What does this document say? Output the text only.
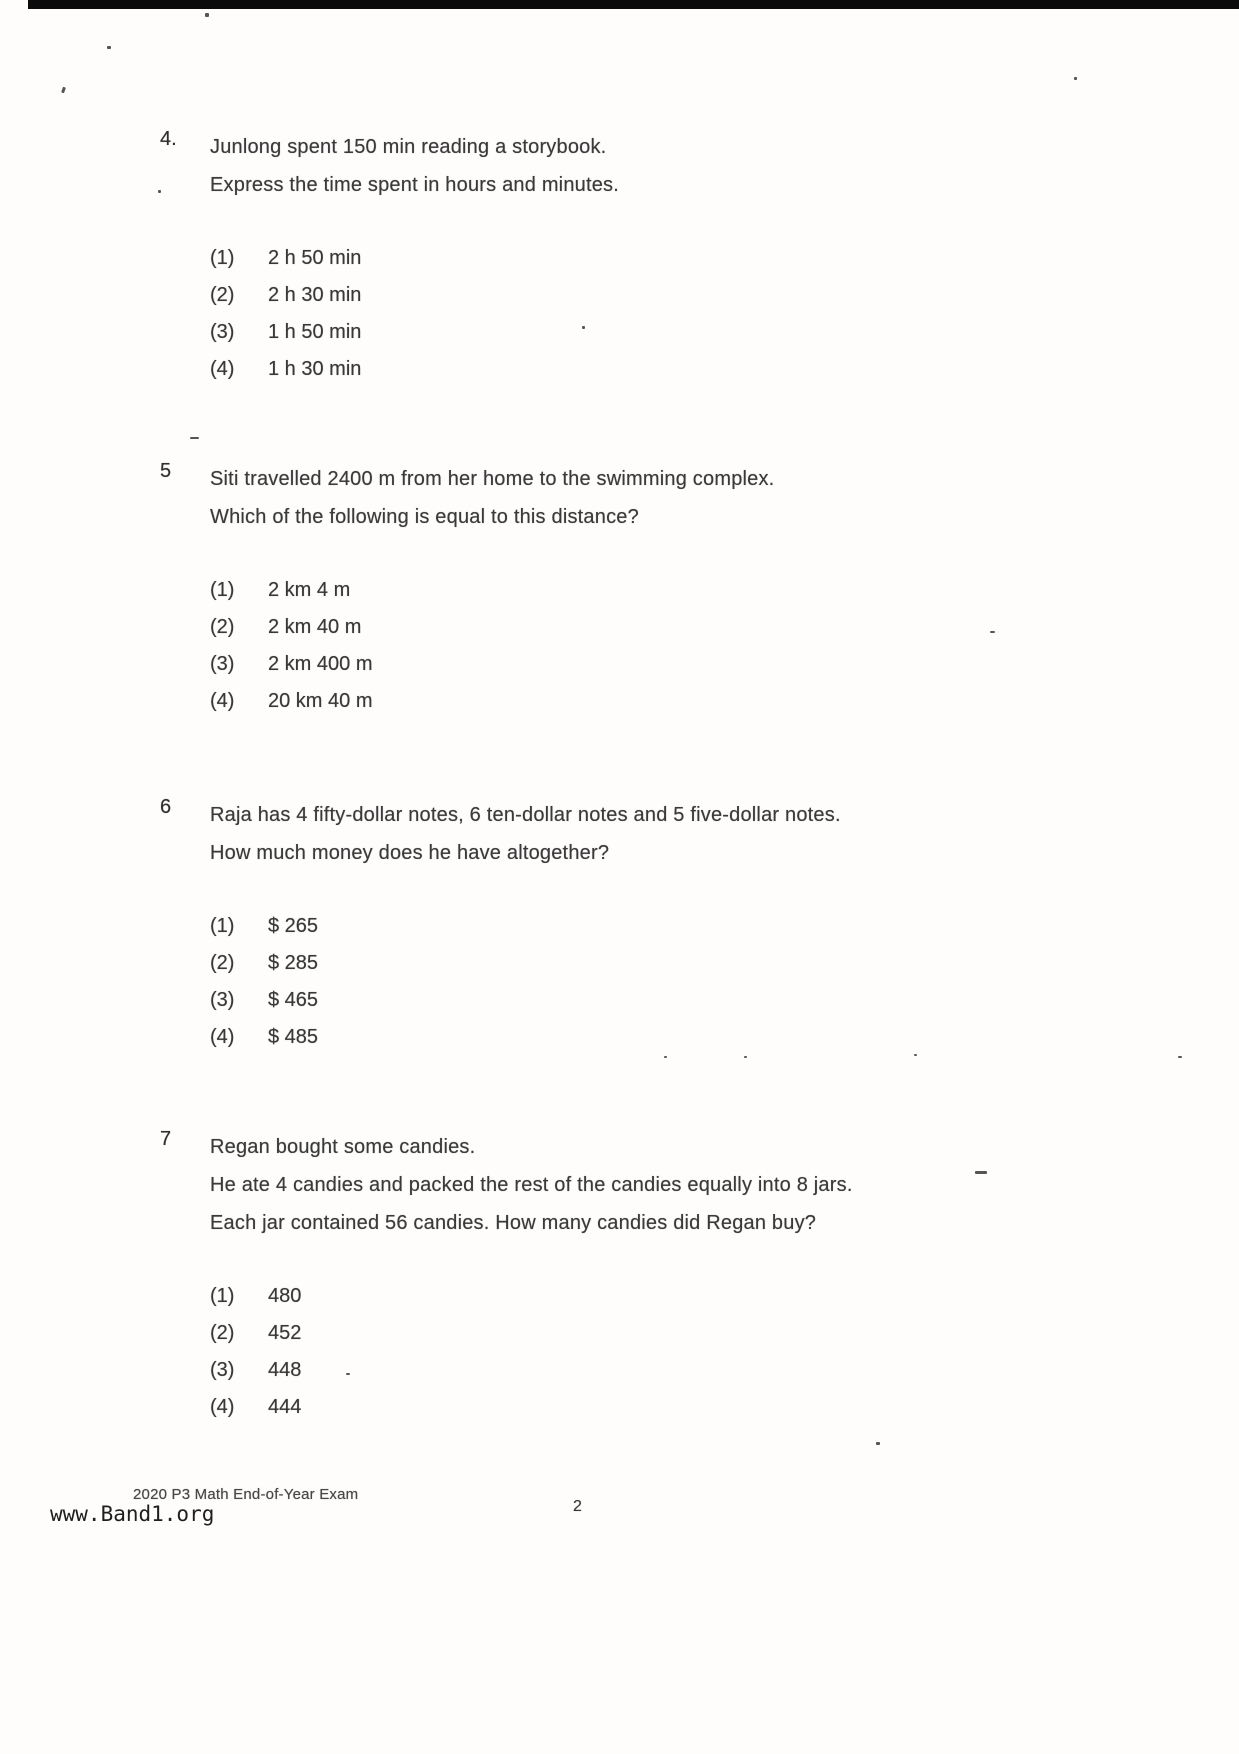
4. Junlong spent 150 min reading a storybook.

Express the time spent in hours and minutes.

(1) 2 h 50 min
(2) 2 h 30 min
(3) 1 h 50 min
(4) 1 h 30 min
5 Siti travelled 2400 m from her home to the swimming complex.

Which of the following is equal to this distance?

(1) 2 km 4 m
(2) 2 km 40 m
(3) 2 km 400 m
(4) 20 km 40 m
6 Raja has 4 fifty-dollar notes, 6 ten-dollar notes and 5 five-dollar notes.

How much money does he have altogether?

(1) $ 265
(2) $ 285
(3) $ 465
(4) $ 485
7 Regan bought some candies.

He ate 4 candies and packed the rest of the candies equally into 8 jars.

Each jar contained 56 candies. How many candies did Regan buy?

(1) 480
(2) 452
(3) 448
(4) 444

2020 P3 Math End-of-Year Exam

www.Band1.org	2
